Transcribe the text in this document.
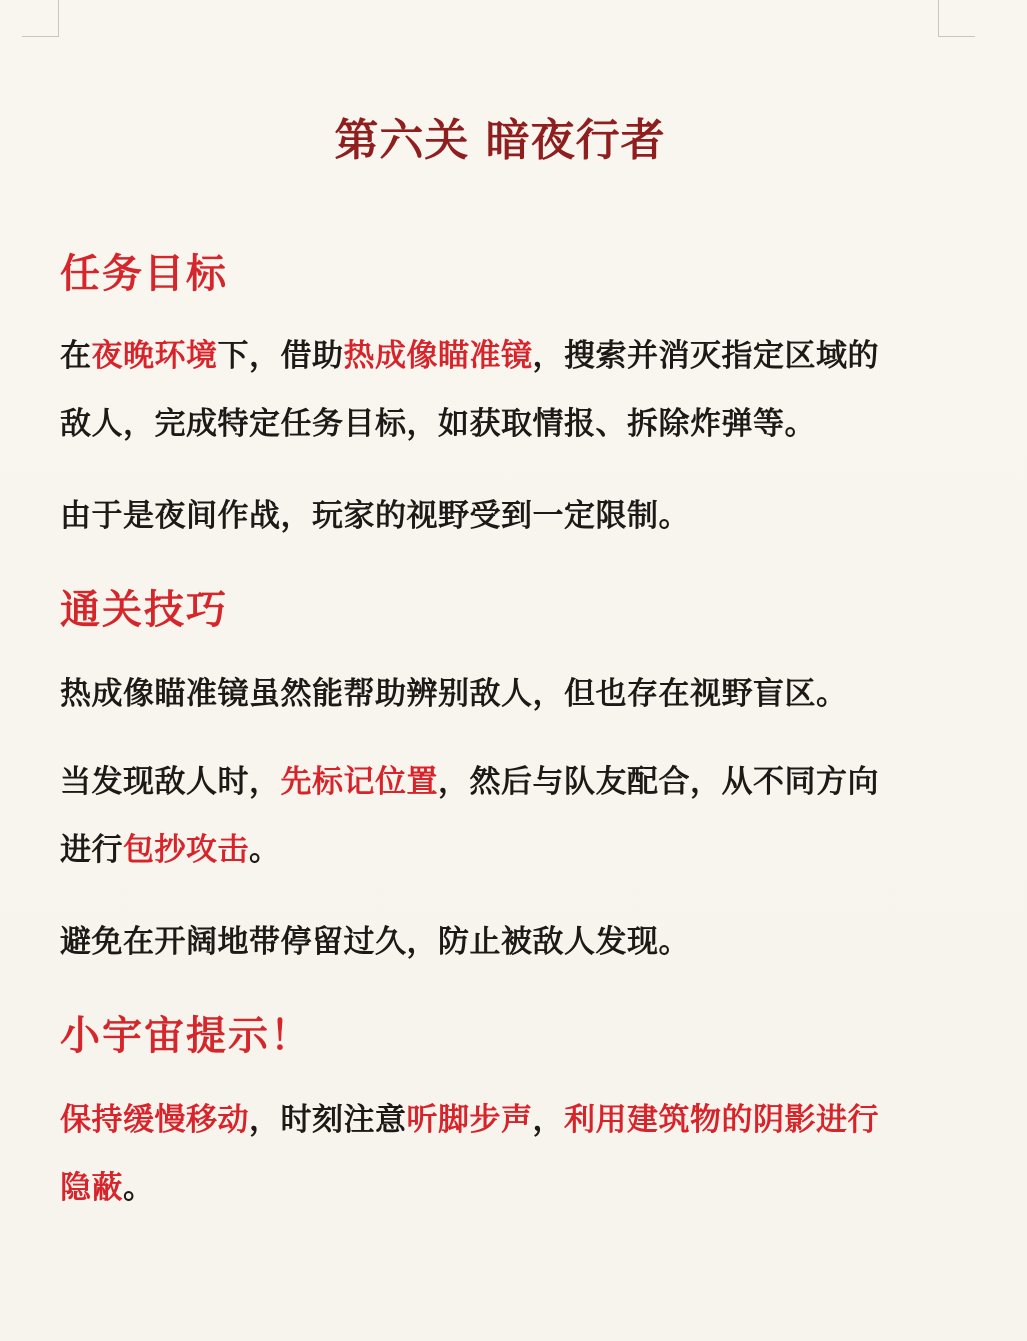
第六关 暗夜行者
任务目标

在夜晚环境下，借助热成像瞄准镜，搜索并消灭指定区域的
敌人，完成特定任务目标，如获取情报、拆除炸弹等。

由于是夜间作战，玩家的视野受到一定限制。

通关技巧

热成像瞄准镜虽然能帮助辨别敌人，但也存在视野盲区。

当发现敌人时，先标记位置，然后与队友配合，从不同方向
进行包抄攻击。

避免在开阔地带停留过久，防止被敌人发现。

小宇宙提示！

保持缓慢移动，时刻注意听脚步声，利用建筑物的阴影进行
隐蔽。
